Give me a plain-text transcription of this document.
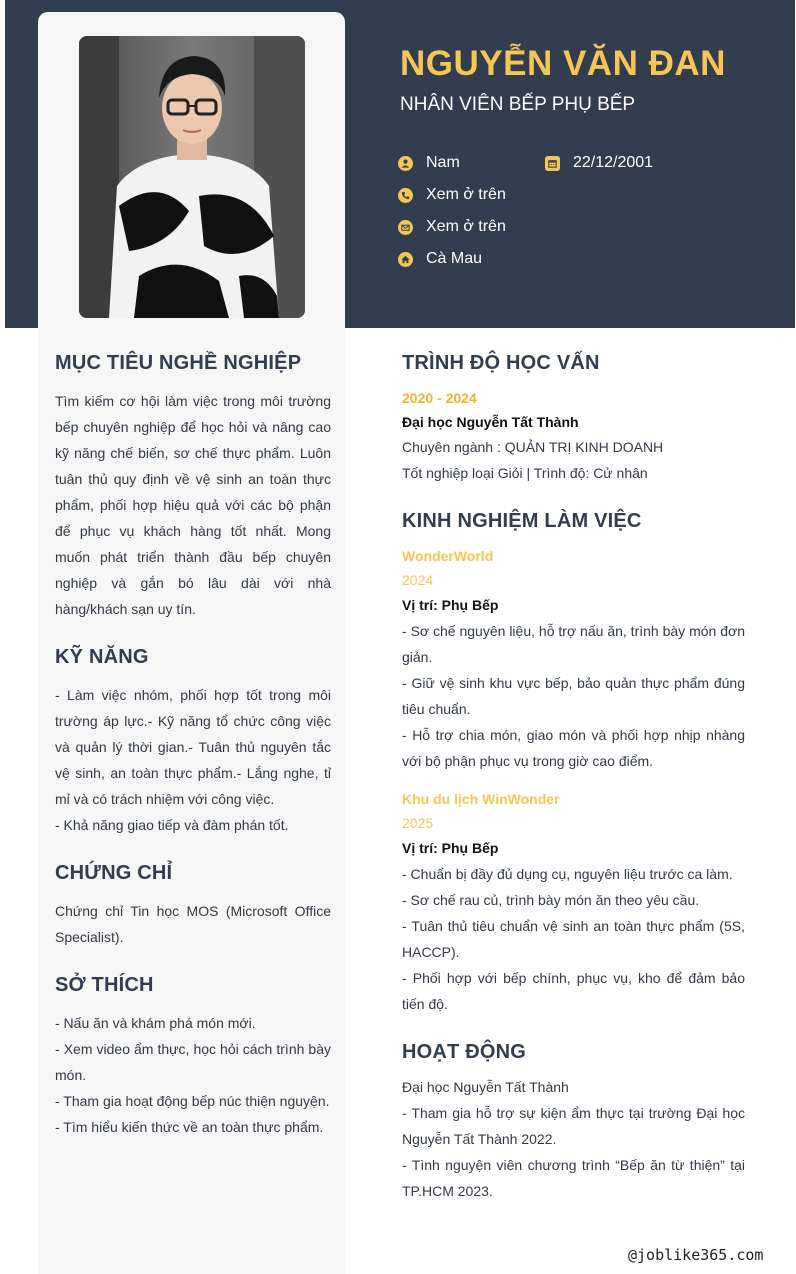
NGUYỄN VĂN ĐAN
NHÂN VIÊN BẾP PHỤ BẾP
Nam	22/12/2001
Xem ở trên
Xem ở trên
Cà Mau
MỤC TIÊU NGHỀ NGHIỆP
Tìm kiếm cơ hội làm việc trong môi trường bếp chuyên nghiệp để học hỏi và nâng cao kỹ năng chế biến, sơ chế thực phẩm. Luôn tuân thủ quy định về vệ sinh an toàn thực phẩm, phối hợp hiệu quả với các bộ phận để phục vụ khách hàng tốt nhất. Mong muốn phát triển thành đầu bếp chuyên nghiệp và gắn bó lâu dài với nhà hàng/khách sạn uy tín.
KỸ NĂNG
- Làm việc nhóm, phối hợp tốt trong môi trường áp lực.- Kỹ năng tổ chức công việc và quản lý thời gian.- Tuân thủ nguyên tắc vệ sinh, an toàn thực phẩm.- Lắng nghe, tỉ mỉ và có trách nhiệm với công việc.
- Khả năng giao tiếp và đàm phán tốt.
CHỨNG CHỈ
Chứng chỉ Tin học MOS (Microsoft Office Specialist).
SỞ THÍCH
- Nấu ăn và khám phá món mới.
- Xem video ẩm thực, học hỏi cách trình bày món.
- Tham gia hoạt động bếp núc thiện nguyện.
- Tìm hiểu kiến thức về an toàn thực phẩm.
TRÌNH ĐỘ HỌC VẤN
2020 - 2024
Đại học Nguyễn Tất Thành
Chuyên ngành : QUẢN TRỊ KINH DOANH
Tốt nghiệp loại Giỏi | Trình độ: Cử nhân
KINH NGHIỆM LÀM VIỆC
WonderWorld
2024
Vị trí: Phụ Bếp
- Sơ chế nguyên liệu, hỗ trợ nấu ăn, trình bày món đơn giản.
- Giữ vệ sinh khu vực bếp, bảo quản thực phẩm đúng tiêu chuẩn.
- Hỗ trợ chia món, giao món và phối hợp nhịp nhàng với bộ phận phục vụ trong giờ cao điểm.
Khu du lịch WinWonder
2025
Vị trí: Phụ Bếp
- Chuẩn bị đầy đủ dụng cụ, nguyên liệu trước ca làm.
- Sơ chế rau củ, trình bày món ăn theo yêu cầu.
- Tuân thủ tiêu chuẩn vệ sinh an toàn thực phẩm (5S, HACCP).
- Phối hợp với bếp chính, phục vụ, kho để đảm bảo tiến độ.
HOẠT ĐỘNG
Đại học Nguyễn Tất Thành
- Tham gia hỗ trợ sự kiện ẩm thực tại trường Đại học Nguyễn Tất Thành 2022.
- Tình nguyện viên chương trình “Bếp ăn từ thiện” tại TP.HCM 2023.
@joblike365.com
